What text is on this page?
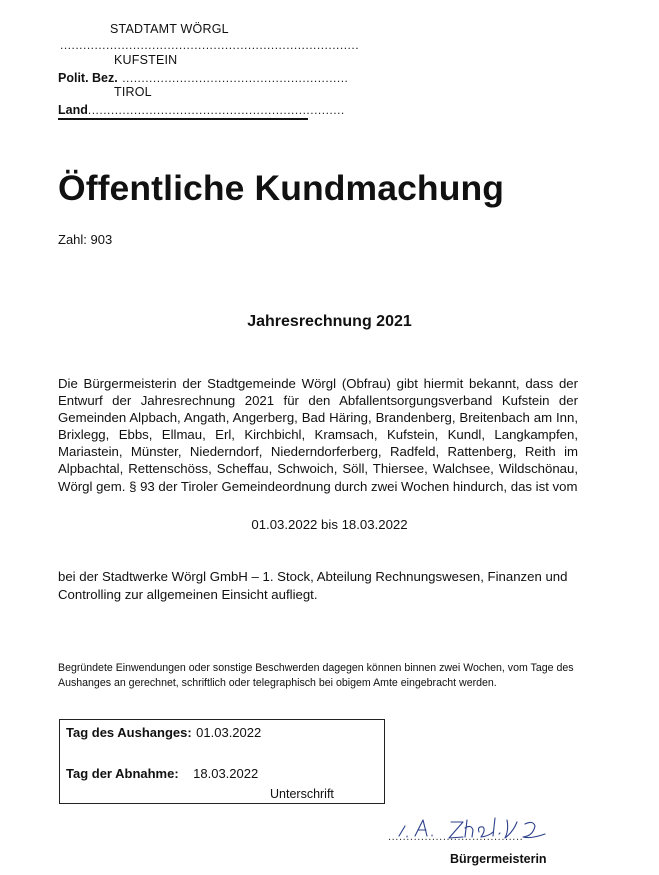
STADTAMT WÖRGL
..............................................................................
KUFSTEIN
Polit. Bez. ...........................................................
TIROL
Land...................................................................
Öffentliche Kundmachung
Zahl: 903
Jahresrechnung 2021
Die Bürgermeisterin der Stadtgemeinde Wörgl (Obfrau) gibt hiermit bekannt, dass der Entwurf der Jahresrechnung 2021 für den Abfallentsorgungsverband Kufstein der Gemeinden Alpbach, Angath, Angerberg, Bad Häring, Brandenberg, Breitenbach am Inn, Brixlegg, Ebbs, Ellmau, Erl, Kirchbichl, Kramsach, Kufstein, Kundl, Langkampfen, Mariastein, Münster, Niederndorf, Niederndorferberg, Radfeld, Rattenberg, Reith im Alpbachtal, Rettenschöss, Scheffau, Schwoich, Söll, Thiersee, Walchsee, Wildschönau, Wörgl gem. § 93 der Tiroler Gemeindeordnung durch zwei Wochen hindurch, das ist vom
01.03.2022 bis 18.03.2022
bei der Stadtwerke Wörgl GmbH – 1. Stock, Abteilung Rechnungswesen, Finanzen und Controlling zur allgemeinen Einsicht aufliegt.
Begründete Einwendungen oder sonstige Beschwerden dagegen können binnen zwei Wochen, vom Tage des Aushanges an gerechnet, schriftlich oder telegraphisch bei obigem Amte eingebracht werden.
Tag des Aushanges: 01.03.2022
Tag der Abnahme: 18.03.2022
Unterschrift
.....................................
Bürgermeisterin
